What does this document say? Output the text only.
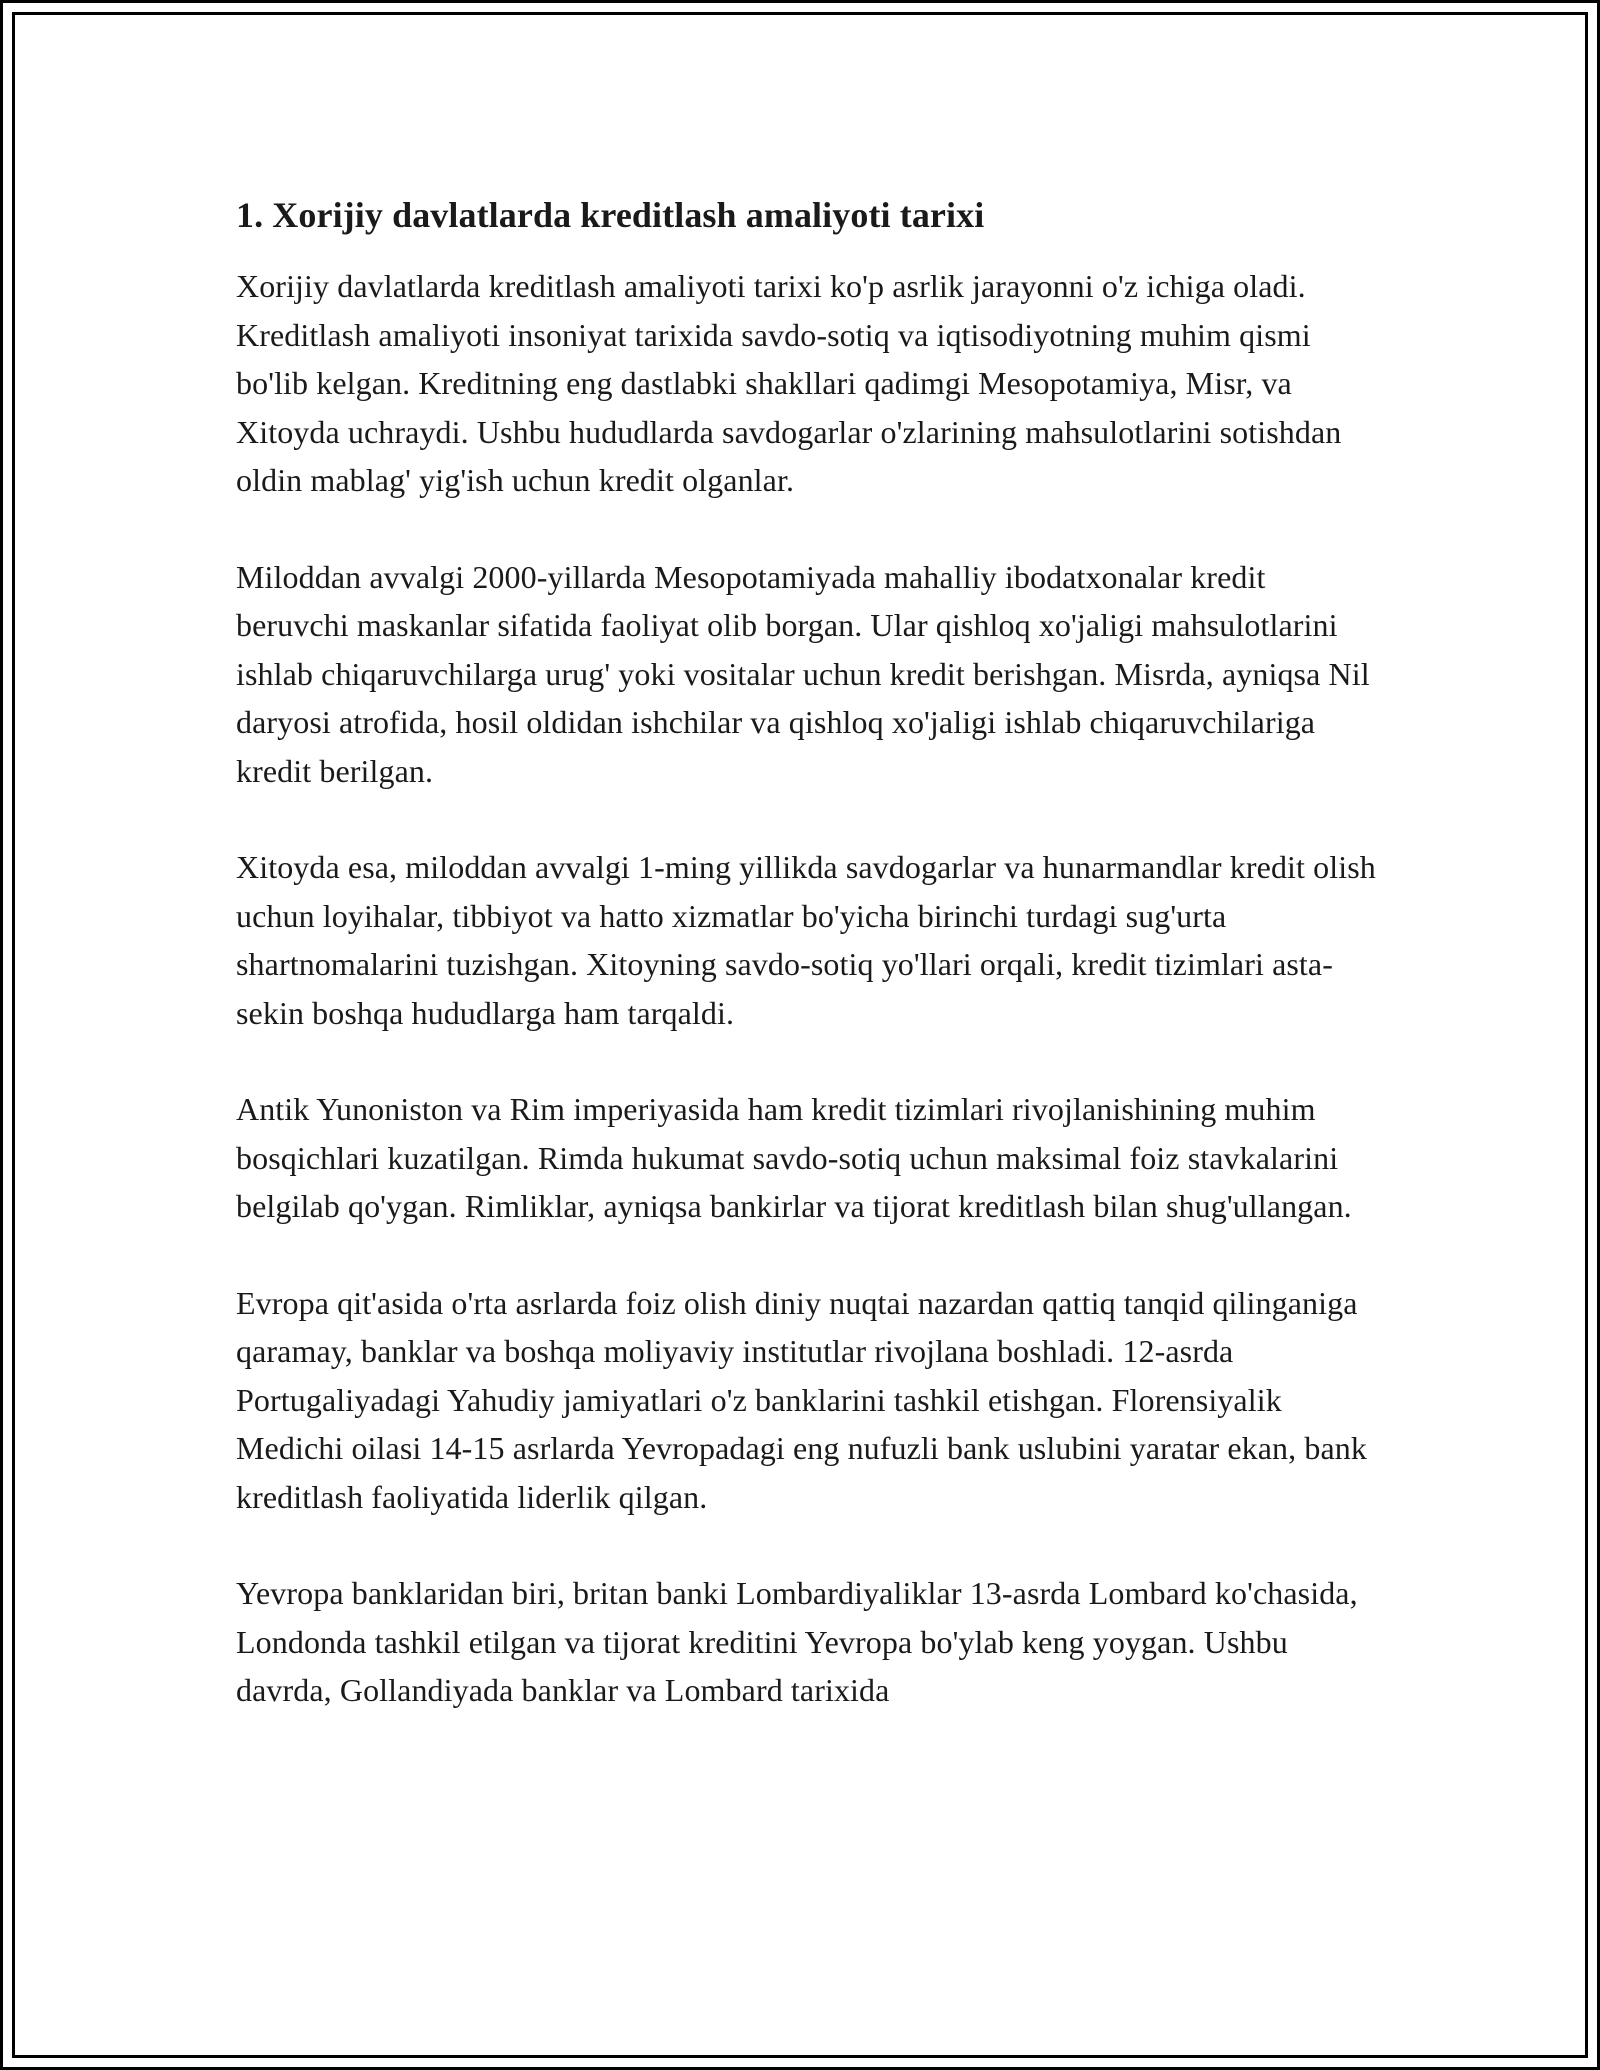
1. Xorijiy davlatlarda kreditlash amaliyoti tarixi

Xorijiy davlatlarda kreditlash amaliyoti tarixi ko'p asrlik jarayonni o'z ichiga oladi. Kreditlash amaliyoti insoniyat tarixida savdo-sotiq va iqtisodiyotning muhim qismi bo'lib kelgan. Kreditning eng dastlabki shakllari qadimgi Mesopotamiya, Misr, va Xitoyda uchraydi. Ushbu hududlarda savdogarlar o'zlarining mahsulotlarini sotishdan oldin mablag' yig'ish uchun kredit olganlar.

Miloddan avvalgi 2000-yillarda Mesopotamiyada mahalliy ibodatxonalar kredit beruvchi maskanlar sifatida faoliyat olib borgan. Ular qishloq xo'jaligi mahsulotlarini ishlab chiqaruvchilarga urug' yoki vositalar uchun kredit berishgan. Misrda, ayniqsa Nil daryosi atrofida, hosil oldidan ishchilar va qishloq xo'jaligi ishlab chiqaruvchilariga kredit berilgan.

Xitoyda esa, miloddan avvalgi 1-ming yillikda savdogarlar va hunarmandlar kredit olish uchun loyihalar, tibbiyot va hatto xizmatlar bo'yicha birinchi turdagi sug'urta shartnomalarini tuzishgan. Xitoyning savdo-sotiq yo'llari orqali, kredit tizimlari asta-sekin boshqa hududlarga ham tarqaldi.

Antik Yunoniston va Rim imperiyasida ham kredit tizimlari rivojlanishining muhim bosqichlari kuzatilgan. Rimda hukumat savdo-sotiq uchun maksimal foiz stavkalarini belgilab qo'ygan. Rimliklar, ayniqsa bankirlar va tijorat kreditlash bilan shug'ullangan.

Evropa qit'asida o'rta asrlarda foiz olish diniy nuqtai nazardan qattiq tanqid qilinganiga qaramay, banklar va boshqa moliyaviy institutlar rivojlana boshladi. 12-asrda Portugaliyadagi Yahudiy jamiyatlari o'z banklarini tashkil etishgan. Florensiyalik Medichi oilasi 14-15 asrlarda Yevropadagi eng nufuzli bank uslubini yaratar ekan, bank kreditlash faoliyatida liderlik qilgan.

Yevropa banklaridan biri, britan banki Lombardiyaliklar 13-asrda Lombard ko'chasida, Londonda tashkil etilgan va tijorat kreditini Yevropa bo'ylab keng yoygan. Ushbu davrda, Gollandiyada banklar va Lombard tarixida
